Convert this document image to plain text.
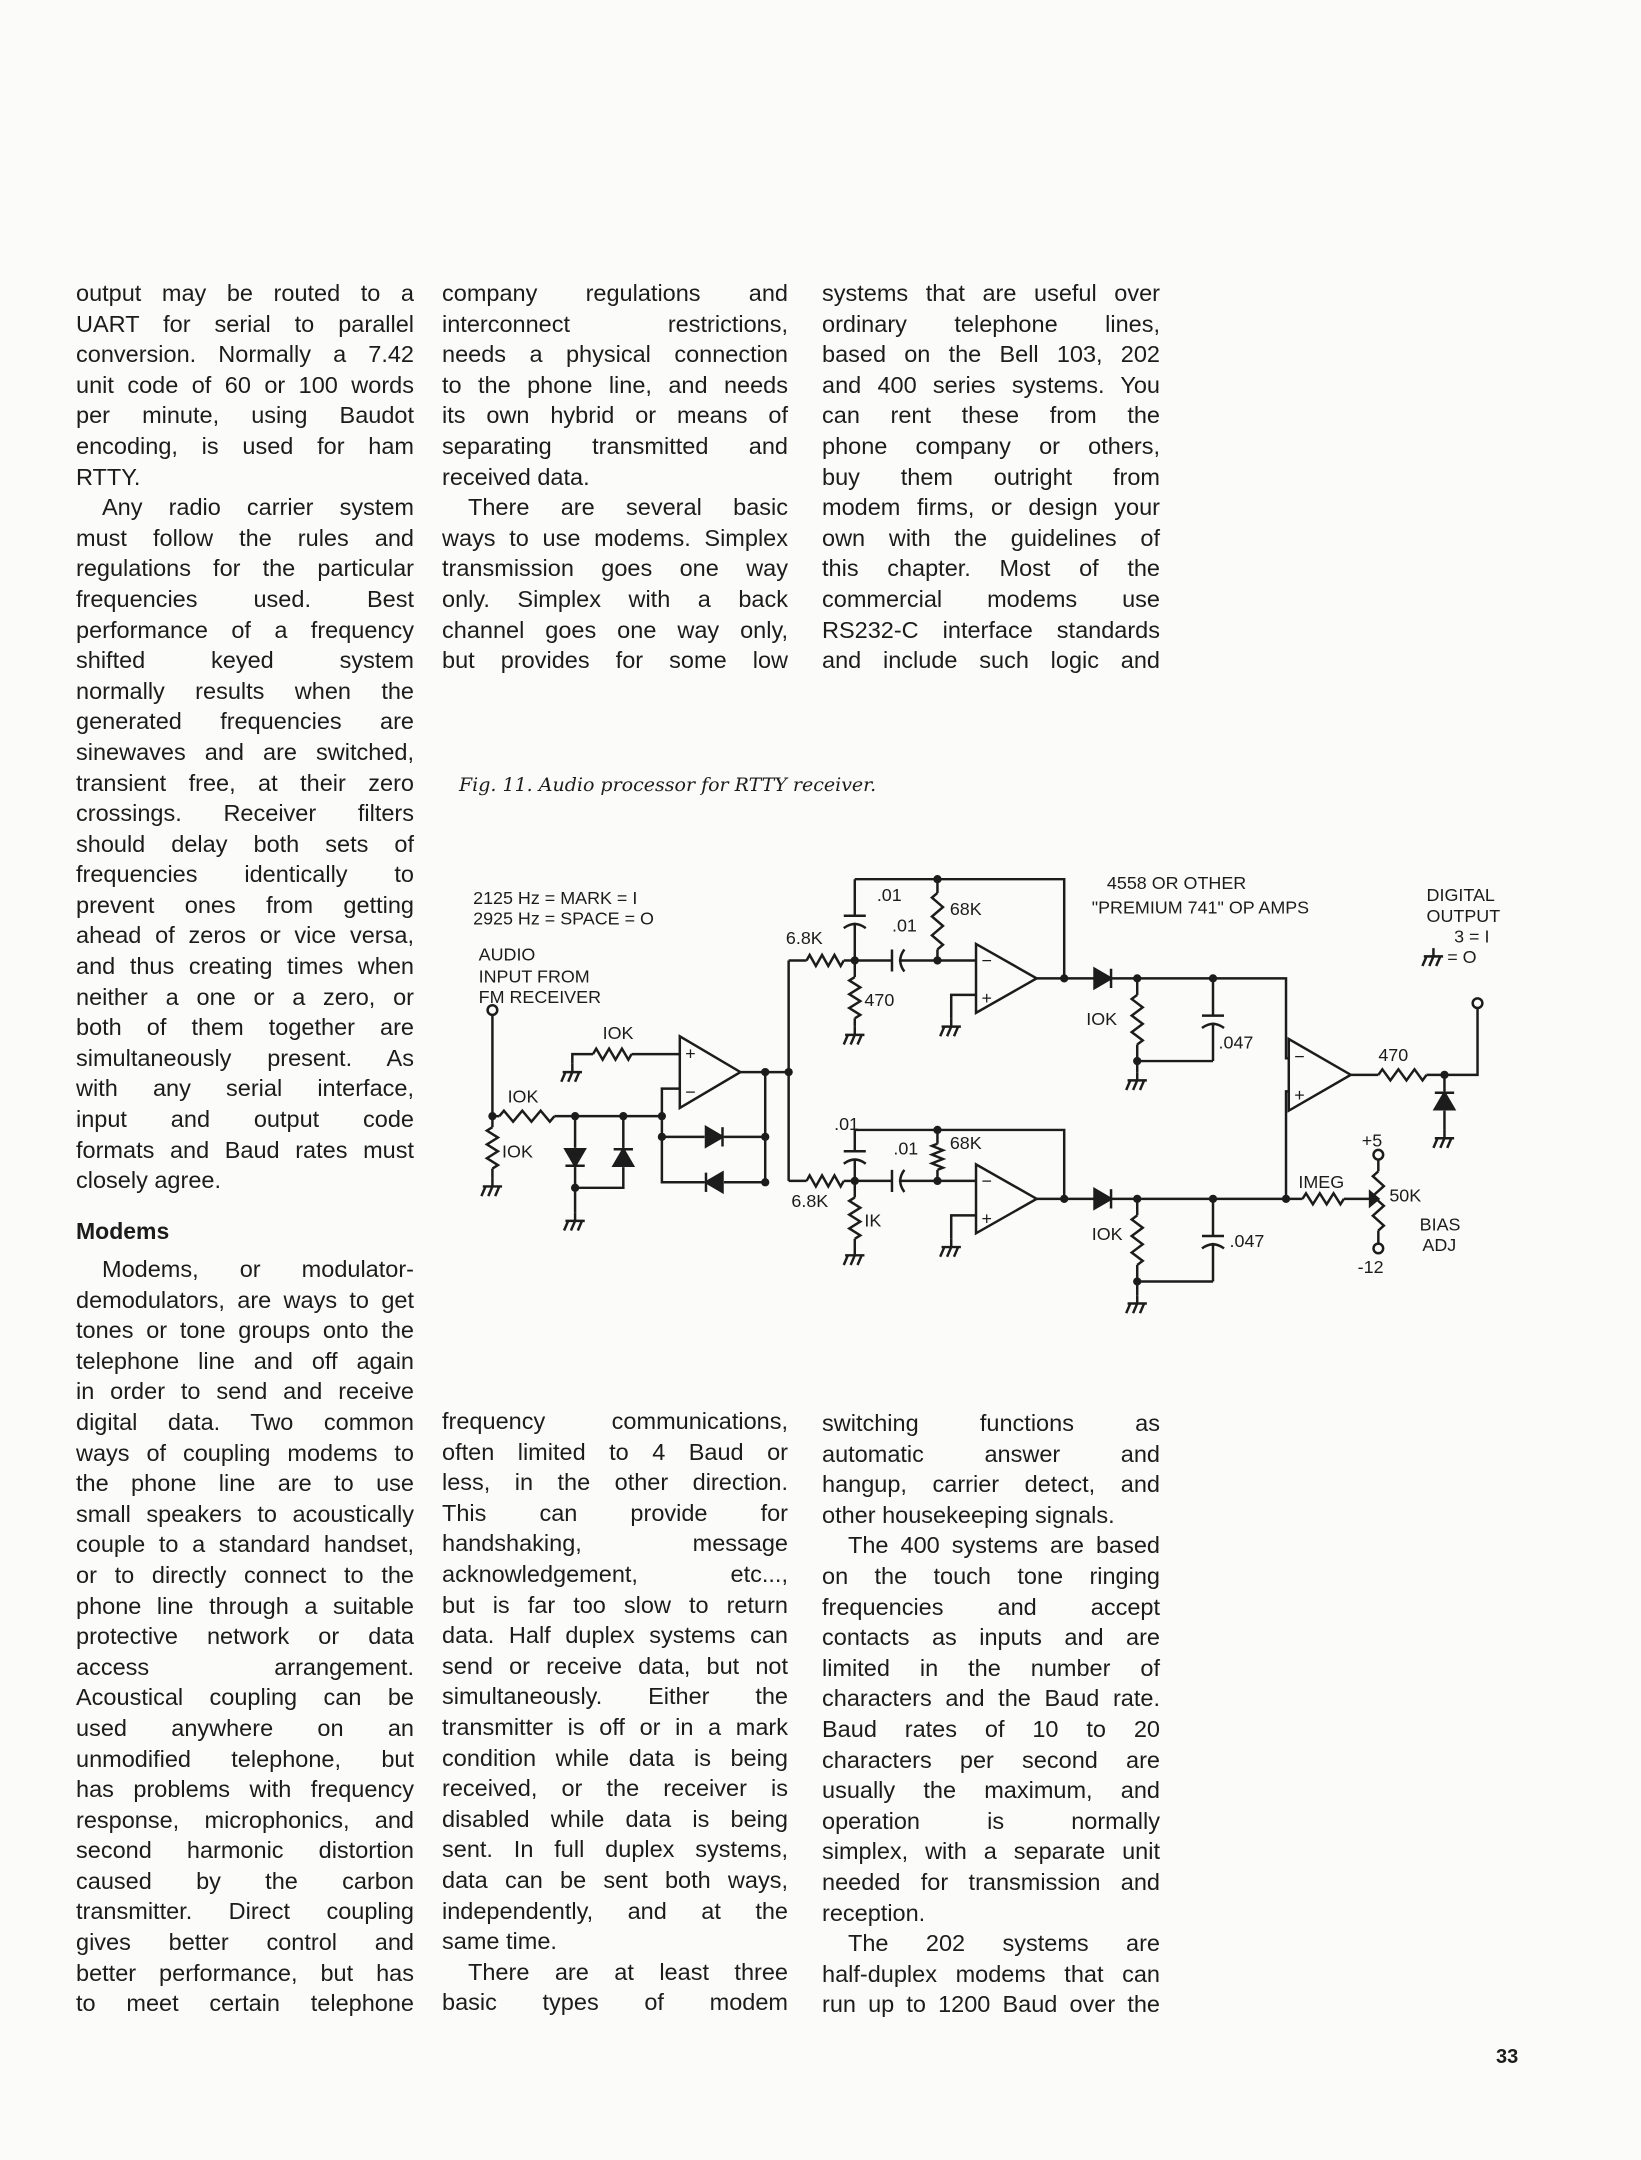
output may be routed to a
UART for serial to parallel
conversion. Normally a 7.42
unit code of 60 or 100 words
per minute, using Baudot
encoding, is used for ham
RTTY.
Any radio carrier system
must follow the rules and
regulations for the particular
frequencies used. Best
performance of a frequency
shifted keyed system
normally results when the
generated frequencies are
sinewaves and are switched,
transient free, at their zero
crossings. Receiver filters
should delay both sets of
frequencies identically to
prevent ones from getting
ahead of zeros or vice versa,
and thus creating times when
neither a one or a zero, or
both of them together are
simultaneously present. As
with any serial interface,
input and output code
formats and Baud rates must
closely agree.
Modems, or modulator-
demodulators, are ways to get
tones or tone groups onto the
telephone line and off again
in order to send and receive
digital data. Two common
ways of coupling modems to
the phone line are to use
small speakers to acoustically
couple to a standard handset,
or to directly connect to the
phone line through a suitable
protective network or data
access arrangement.
Acoustical coupling can be
used anywhere on an
unmodified telephone, but
has problems with frequency
response, microphonics, and
second harmonic distortion
caused by the carbon
transmitter. Direct coupling
gives better control and
better performance, but has
to meet certain telephone
company regulations and
interconnect restrictions,
needs a physical connection
to the phone line, and needs
its own hybrid or means of
separating transmitted and
received data.
There are several basic
ways to use modems. Simplex
transmission goes one way
only. Simplex with a back
channel goes one way only,
but provides for some low
frequency communications,
often limited to 4 Baud or
less, in the other direction.
This can provide for
handshaking, message
acknowledgement, etc...,
but is far too slow to return
data. Half duplex systems can
send or receive data, but not
simultaneously. Either the
transmitter is off or in a mark
condition while data is being
received, or the receiver is
disabled while data is being
sent. In full duplex systems,
data can be sent both ways,
independently, and at the
same time.
There are at least three
basic types of modem
systems that are useful over
ordinary telephone lines,
based on the Bell 103, 202
and 400 series systems. You
can rent these from the
phone company or others,
buy them outright from
modem firms, or design your
own with the guidelines of
this chapter. Most of the
commercial modems use
RS232-C interface standards
and include such logic and
switching functions as
automatic answer and
hangup, carrier detect, and
other housekeeping signals.
The 400 systems are based
on the touch tone ringing
frequencies and accept
contacts as inputs and are
limited in the number of
characters and the Baud rate.
Baud rates of 10 to 20
characters per second are
usually the maximum, and
operation is normally
simplex, with a separate unit
needed for transmission and
reception.
The 202 systems are
half-duplex modems that can
run up to 1200 Baud over the
Modems
Fig. 11. Audio processor for RTTY receiver.
+
−
−
+
−
+
−
+
2125 Hz = MARK = I
2925 Hz = SPACE = O
AUDIO
INPUT FROM
FM RECEIVER
IOK
IOK
IOK
6.8K
.01
.01
68K
470
6.8K
.01
.01 68K
IK
4558 OR OTHER
"PREMIUM 741" OP AMPS
IOK
.047
IOK	.047
470
DIGITAL
OUTPUT
3 = I
= O
IMEG
+5
50K
-12
BIAS
ADJ
33
